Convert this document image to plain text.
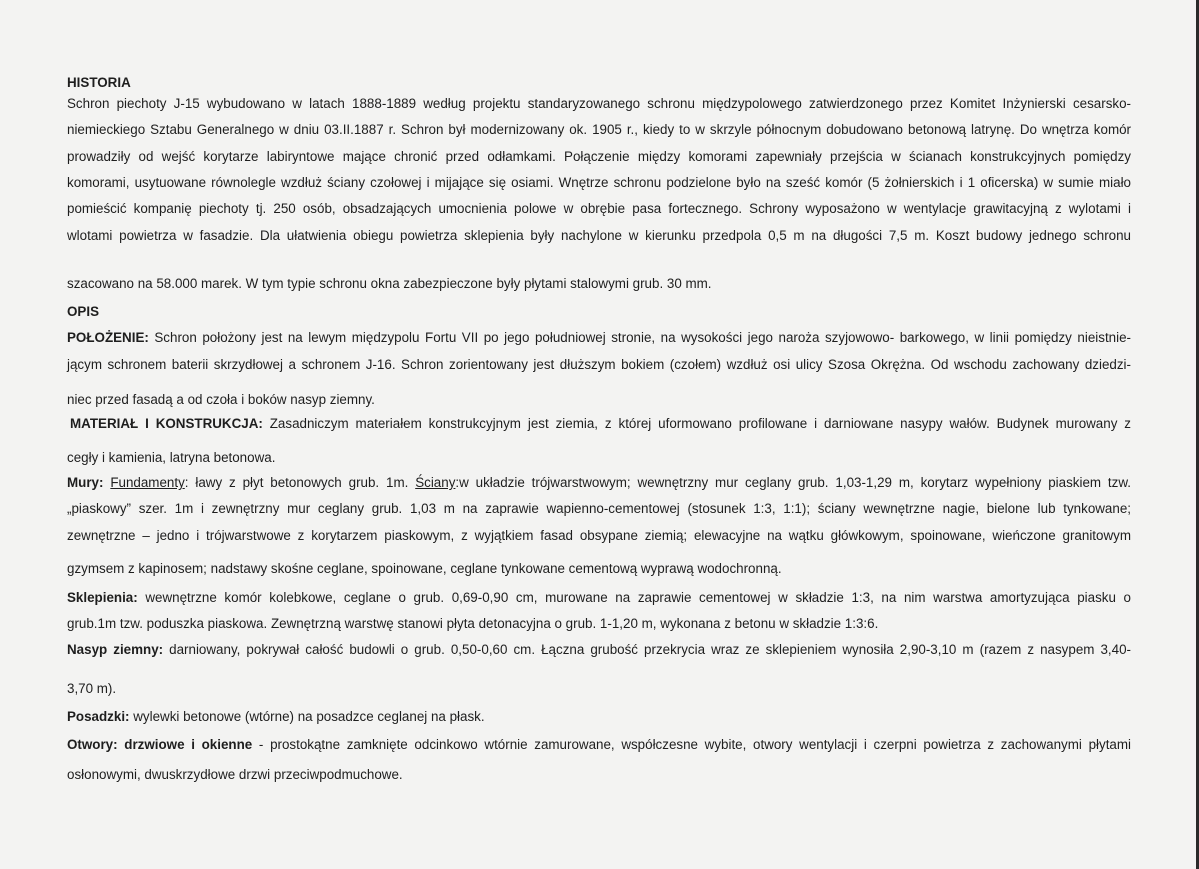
HISTORIA
Schron piechoty J-15 wybudowano w latach 1888-1889 według projektu standaryzowanego schronu międzypolowego zatwierdzonego przez Komitet Inżynierski cesarsko-
niemieckiego Sztabu Generalnego w dniu 03.II.1887 r. Schron był modernizowany ok. 1905 r., kiedy to w skrzyle północnym dobudowano betonową latrynę. Do wnętrza komór
prowadziły od wejść korytarze labiryntowe mające chronić przed odłamkami. Połączenie między komorami zapewniały przejścia w ścianach konstrukcyjnych pomiędzy
komorami, usytuowane równolegle wzdłuż ściany czołowej i mijające się osiami. Wnętrze schronu podzielone było na sześć komór (5 żołnierskich i 1 oficerska) w sumie miało
pomieścić kompanię piechoty tj. 250 osób, obsadzających umocnienia polowe w obrębie pasa fortecznego. Schrony wyposażono w wentylacje grawitacyjną z wylotami i
wlotami powietrza w fasadzie. Dla ułatwienia obiegu powietrza sklepienia były nachylone w kierunku przedpola 0,5 m na długości 7,5 m. Koszt budowy jednego schronu
szacowano na 58.000 marek. W tym typie schronu okna zabezpieczone były płytami stalowymi grub. 30 mm.
OPIS
POŁOŻENIE: Schron położony jest na lewym międzypolu Fortu VII po jego południowej stronie, na wysokości jego naroża szyjowowo- barkowego, w linii pomiędzy nieistnie-
jącym schronem baterii skrzydłowej a schronem J-16. Schron zorientowany jest dłuższym bokiem (czołem) wzdłuż osi ulicy Szosa Okrężna. Od wschodu zachowany dziedzi-
niec przed fasadą a od czoła i boków nasyp ziemny.
MATERIAŁ I KONSTRUKCJA: Zasadniczym materiałem konstrukcyjnym jest ziemia, z której uformowano profilowane i darniowane nasypy wałów. Budynek murowany z
cegły i kamienia, latryna betonowa.
Mury: Fundamenty: ławy z płyt betonowych grub. 1m. Ściany:w układzie trójwarstwowym; wewnętrzny mur ceglany grub. 1,03-1,29 m, korytarz wypełniony piaskiem tzw.
„piaskowy” szer. 1m i zewnętrzny mur ceglany grub. 1,03 m na zaprawie wapienno-cementowej (stosunek 1:3, 1:1); ściany wewnętrzne nagie, bielone lub tynkowane;
zewnętrzne – jedno i trójwarstwowe z korytarzem piaskowym, z wyjątkiem fasad obsypane ziemią; elewacyjne na wątku główkowym, spoinowane, wieńczone granitowym
gzymsem z kapinosem; nadstawy skośne ceglane, spoinowane, ceglane tynkowane cementową wyprawą wodochronną.
Sklepienia: wewnętrzne komór kolebkowe, ceglane o grub. 0,69-0,90 cm, murowane na zaprawie cementowej w składzie 1:3, na nim warstwa amortyzująca piasku o
grub.1m tzw. poduszka piaskowa. Zewnętrzną warstwę stanowi płyta detonacyjna o grub. 1-1,20 m, wykonana z betonu w składzie 1:3:6.
Nasyp ziemny: darniowany, pokrywał całość budowli o grub. 0,50-0,60 cm. Łączna grubość przekrycia wraz ze sklepieniem wynosiła 2,90-3,10 m (razem z nasypem 3,40-
3,70 m).
Posadzki: wylewki betonowe (wtórne) na posadzce ceglanej na płask.
Otwory: drzwiowe i okienne - prostokątne zamknięte odcinkowo wtórnie zamurowane, współczesne wybite, otwory wentylacji i czerpni powietrza z zachowanymi płytami
osłonowymi, dwuskrzydłowe drzwi przeciwpodmuchowe.
